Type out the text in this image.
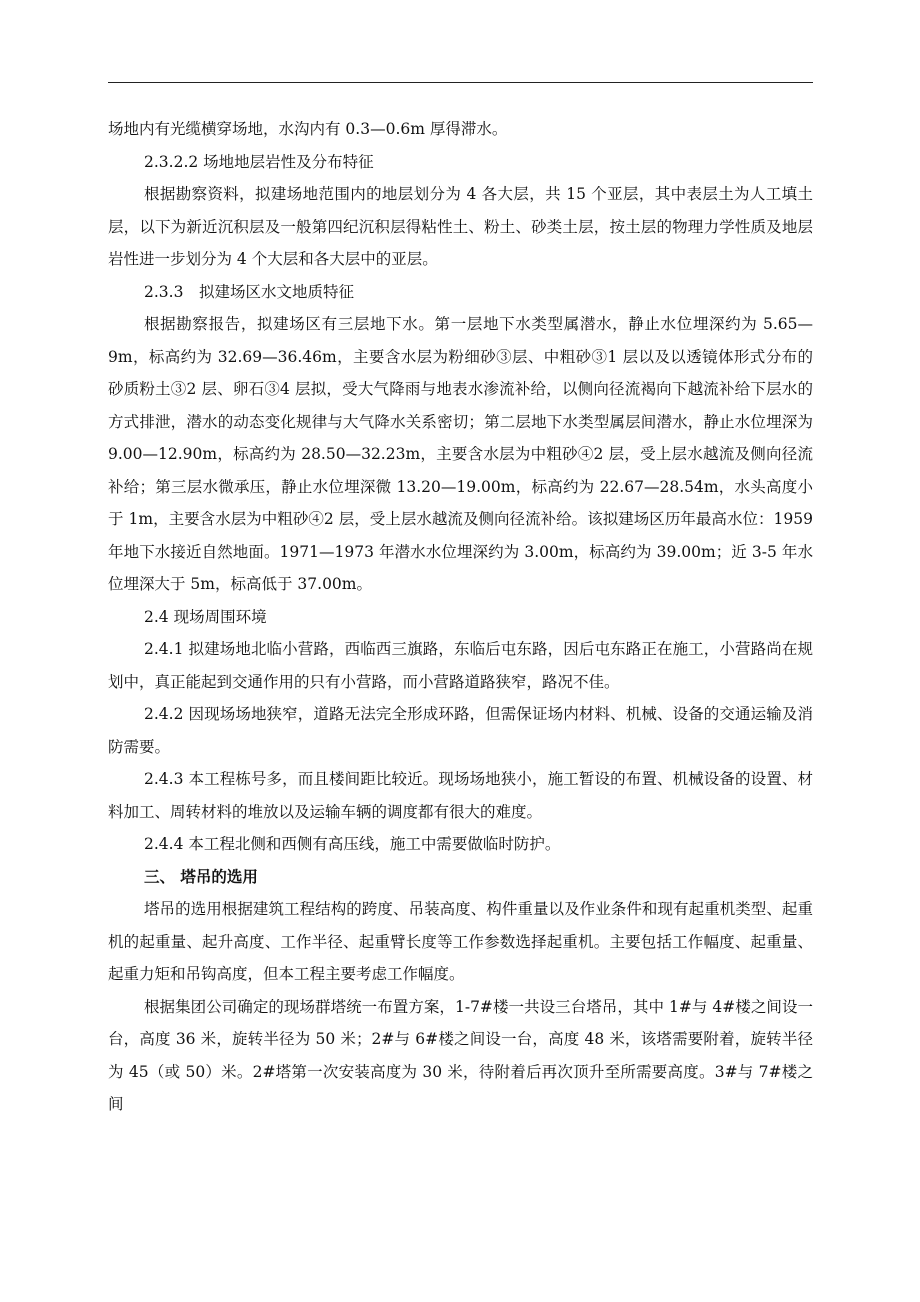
场地内有光缆横穿场地，水沟内有 0.3—0.6m 厚得滞水。

2.3.2.2 场地地层岩性及分布特征

根据勘察资料，拟建场地范围内的地层划分为 4 各大层，共 15 个亚层，其中表层土为人工填土层，以下为新近沉积层及一般第四纪沉积层得粘性土、粉土、砂类土层，按土层的物理力学性质及地层岩性进一步划分为 4 个大层和各大层中的亚层。

2.3.3　拟建场区水文地质特征

根据勘察报告，拟建场区有三层地下水。第一层地下水类型属潜水，静止水位埋深约为 5.65—9m，标高约为 32.69—36.46m，主要含水层为粉细砂③层、中粗砂③1 层以及以透镜体形式分布的砂质粉土③2 层、卵石③4 层拟，受大气降雨与地表水渗流补给，以侧向径流褐向下越流补给下层水的方式排泄，潜水的动态变化规律与大气降水关系密切；第二层地下水类型属层间潜水，静止水位埋深为 9.00—12.90m，标高约为 28.50—32.23m，主要含水层为中粗砂④2 层，受上层水越流及侧向径流补给；第三层水微承压，静止水位埋深微 13.20—19.00m，标高约为 22.67—28.54m，水头高度小于 1m，主要含水层为中粗砂④2 层，受上层水越流及侧向径流补给。该拟建场区历年最高水位：1959 年地下水接近自然地面。1971—1973 年潜水水位埋深约为 3.00m，标高约为 39.00m；近 3-5 年水位埋深大于 5m，标高低于 37.00m。

2.4 现场周围环境

2.4.1 拟建场地北临小营路，西临西三旗路，东临后屯东路，因后屯东路正在施工，小营路尚在规划中，真正能起到交通作用的只有小营路，而小营路道路狭窄，路况不佳。

2.4.2 因现场场地狭窄，道路无法完全形成环路，但需保证场内材料、机械、设备的交通运输及消防需要。

2.4.3 本工程栋号多，而且楼间距比较近。现场场地狭小，施工暂设的布置、机械设备的设置、材料加工、周转材料的堆放以及运输车辆的调度都有很大的难度。

2.4.4 本工程北侧和西侧有高压线，施工中需要做临时防护。

三、 塔吊的选用

塔吊的选用根据建筑工程结构的跨度、吊装高度、构件重量以及作业条件和现有起重机类型、起重机的起重量、起升高度、工作半径、起重臂长度等工作参数选择起重机。主要包括工作幅度、起重量、起重力矩和吊钩高度，但本工程主要考虑工作幅度。

根据集团公司确定的现场群塔统一布置方案，1-7#楼一共设三台塔吊，其中 1#与 4#楼之间设一台，高度 36 米，旋转半径为 50 米；2#与 6#楼之间设一台，高度 48 米，该塔需要附着，旋转半径为 45（或 50）米。2#塔第一次安装高度为 30 米，待附着后再次顶升至所需要高度。3#与 7#楼之间
